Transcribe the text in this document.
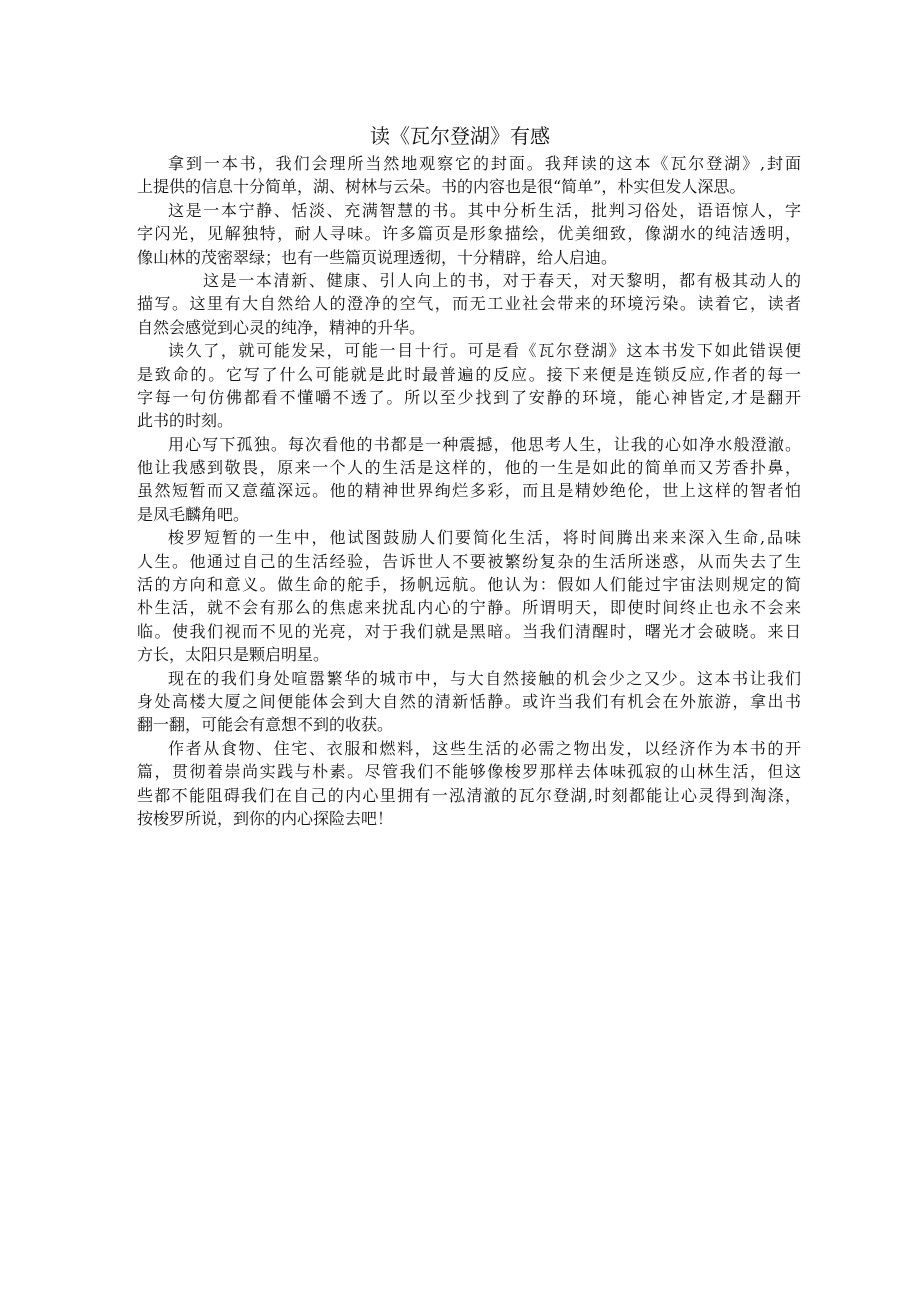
读《瓦尔登湖》有感
拿到一本书，我们会理所当然地观察它的封面。我拜读的这本《瓦尔登湖》,封面
上提供的信息十分简单，湖、树林与云朵。书的内容也是很“简单”，朴实但发人深思。
这是一本宁静、恬淡、充满智慧的书。其中分析生活，批判习俗处，语语惊人，字
字闪光，见解独特，耐人寻味。许多篇页是形象描绘，优美细致，像湖水的纯洁透明，
像山林的茂密翠绿；也有一些篇页说理透彻，十分精辟，给人启迪。
这是一本清新、健康、引人向上的书，对于春天，对天黎明，都有极其动人的
描写。这里有大自然给人的澄净的空气，而无工业社会带来的环境污染。读着它，读者
自然会感觉到心灵的纯净，精神的升华。
读久了，就可能发呆，可能一目十行。可是看《瓦尔登湖》这本书发下如此错误便
是致命的。它写了什么可能就是此时最普遍的反应。接下来便是连锁反应,作者的每一
字每一句仿佛都看不懂嚼不透了。所以至少找到了安静的环境，能心神皆定,才是翻开
此书的时刻。
用心写下孤独。每次看他的书都是一种震撼，他思考人生，让我的心如净水般澄澈。
他让我感到敬畏，原来一个人的生活是这样的，他的一生是如此的简单而又芳香扑鼻，
虽然短暂而又意蕴深远。他的精神世界绚烂多彩，而且是精妙绝伦，世上这样的智者怕
是凤毛麟角吧。
梭罗短暂的一生中，他试图鼓励人们要简化生活，将时间腾出来来深入生命,品味
人生。他通过自己的生活经验，告诉世人不要被繁纷复杂的生活所迷惑，从而失去了生
活的方向和意义。做生命的舵手，扬帆远航。他认为：假如人们能过宇宙法则规定的简
朴生活，就不会有那么的焦虑来扰乱内心的宁静。所谓明天，即使时间终止也永不会来
临。使我们视而不见的光亮，对于我们就是黑暗。当我们清醒时，曙光才会破晓。来日
方长，太阳只是颗启明星。
现在的我们身处喧嚣繁华的城市中，与大自然接触的机会少之又少。这本书让我们
身处高楼大厦之间便能体会到大自然的清新恬静。或许当我们有机会在外旅游，拿出书
翻一翻，可能会有意想不到的收获。
作者从食物、住宅、衣服和燃料，这些生活的必需之物出发，以经济作为本书的开
篇，贯彻着崇尚实践与朴素。尽管我们不能够像梭罗那样去体味孤寂的山林生活，但这
些都不能阻碍我们在自己的内心里拥有一泓清澈的瓦尔登湖,时刻都能让心灵得到淘涤，
按梭罗所说，到你的内心探险去吧！
